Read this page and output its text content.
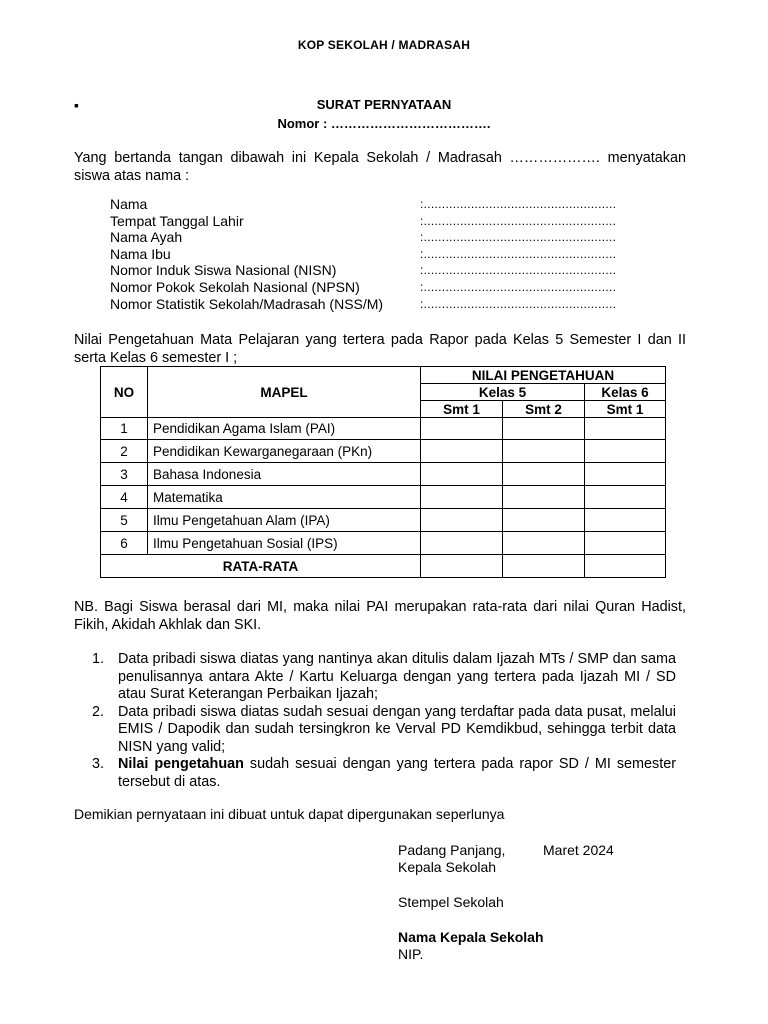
KOP SEKOLAH / MADRASAH
▪	SURAT PERNYATAAN
Nomor : ……………………………….
Yang bertanda tangan dibawah ini Kepala Sekolah / Madrasah ………………. menyatakan siswa atas nama :
Nama	:.....................................................
Tempat Tanggal Lahir	:.....................................................
Nama Ayah	:.....................................................
Nama Ibu	:.....................................................
Nomor Induk Siswa Nasional (NISN)	:.....................................................
Nomor Pokok Sekolah Nasional (NPSN)	:.....................................................
Nomor Statistik Sekolah/Madrasah (NSS/M)	:.....................................................
Nilai Pengetahuan Mata Pelajaran yang tertera pada Rapor pada Kelas 5 Semester I dan II serta Kelas 6 semester I ;
NO	MAPEL	NILAI PENGETAHUAN		
		Kelas 5		Kelas 6
		Smt 1	Smt 2	Smt 1
1	Pendidikan Agama Islam (PAI)			
2	Pendidikan Kewarganegaraan (PKn)			
3	Bahasa Indonesia			
4	Matematika			
5	Ilmu Pengetahuan Alam (IPA)			
6	Ilmu Pengetahuan Sosial (IPS)			
RATA-RATA				
NB. Bagi Siswa berasal dari MI, maka nilai PAI merupakan rata-rata dari nilai Quran Hadist, Fikih, Akidah Akhlak dan SKI.
1. Data pribadi siswa diatas yang nantinya akan ditulis dalam Ijazah MTs / SMP dan sama penulisannya antara Akte / Kartu Keluarga dengan yang tertera pada Ijazah MI / SD atau Surat Keterangan Perbaikan Ijazah;
2. Data pribadi siswa diatas sudah sesuai dengan yang terdaftar pada data pusat, melalui EMIS / Dapodik dan sudah tersingkron ke Verval PD Kemdikbud, sehingga terbit data NISN yang valid;
3. Nilai pengetahuan sudah sesuai dengan yang tertera pada rapor SD / MI semester tersebut di atas.
Demikian pernyataan ini dibuat untuk dapat dipergunakan seperlunya
Padang Panjang,	Maret 2024
Kepala Sekolah
Stempel Sekolah
Nama Kepala Sekolah
NIP.
